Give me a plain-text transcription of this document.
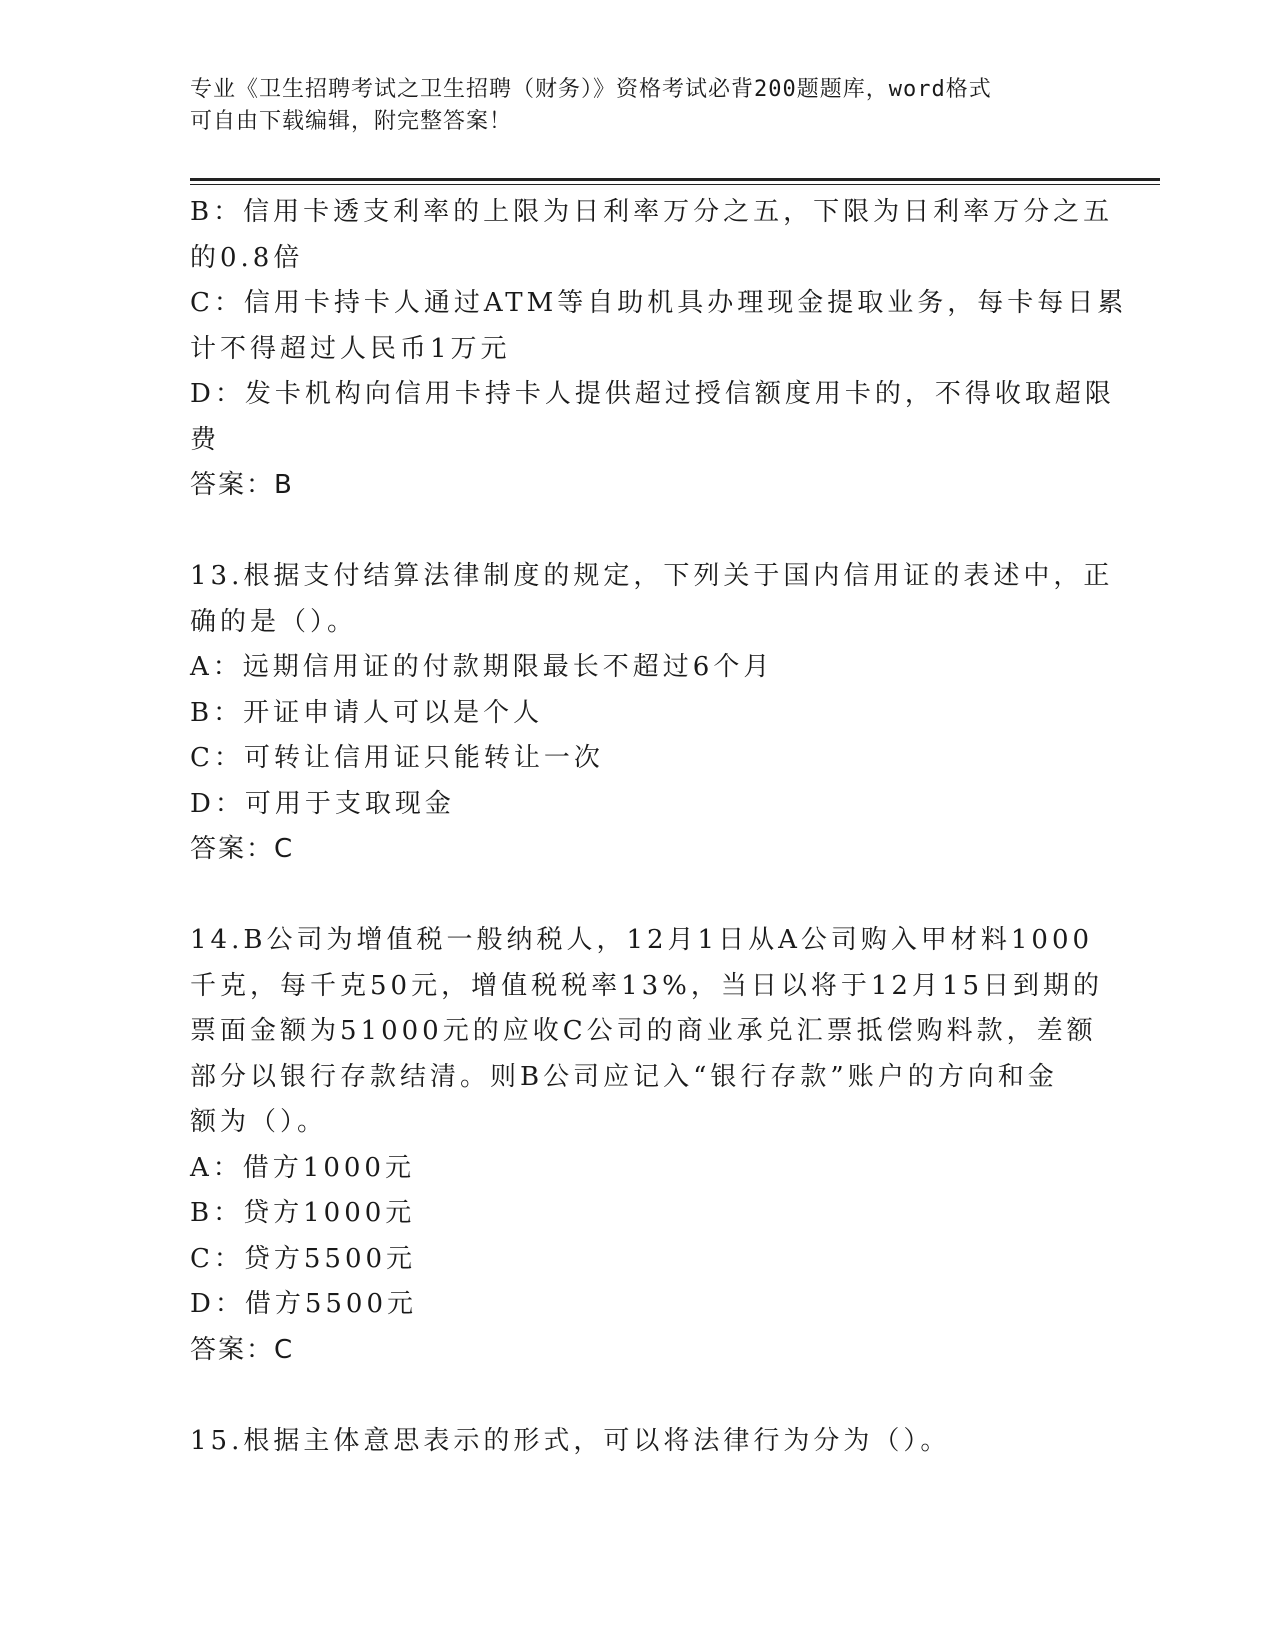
专业《卫生招聘考试之卫生招聘（财务）》资格考试必背200题题库，word格式
可自由下载编辑，附完整答案！
B：信用卡透支利率的上限为日利率万分之五，下限为日利率万分之五
的0.8倍
C：信用卡持卡人通过ATM等自助机具办理现金提取业务，每卡每日累
计不得超过人民币1万元
D：发卡机构向信用卡持卡人提供超过授信额度用卡的，不得收取超限
费
答案：B
13.根据支付结算法律制度的规定，下列关于国内信用证的表述中，正
确的是（）。
A：远期信用证的付款期限最长不超过6个月
B：开证申请人可以是个人
C：可转让信用证只能转让一次
D：可用于支取现金
答案：C
14.B公司为增值税一般纳税人，12月1日从A公司购入甲材料1000
千克，每千克50元，增值税税率13%，当日以将于12月15日到期的
票面金额为51000元的应收C公司的商业承兑汇票抵偿购料款，差额
部分以银行存款结清。则B公司应记入“银行存款”账户的方向和金
额为（）。
A：借方1000元
B：贷方1000元
C：贷方5500元
D：借方5500元
答案：C
15.根据主体意思表示的形式，可以将法律行为分为（）。
